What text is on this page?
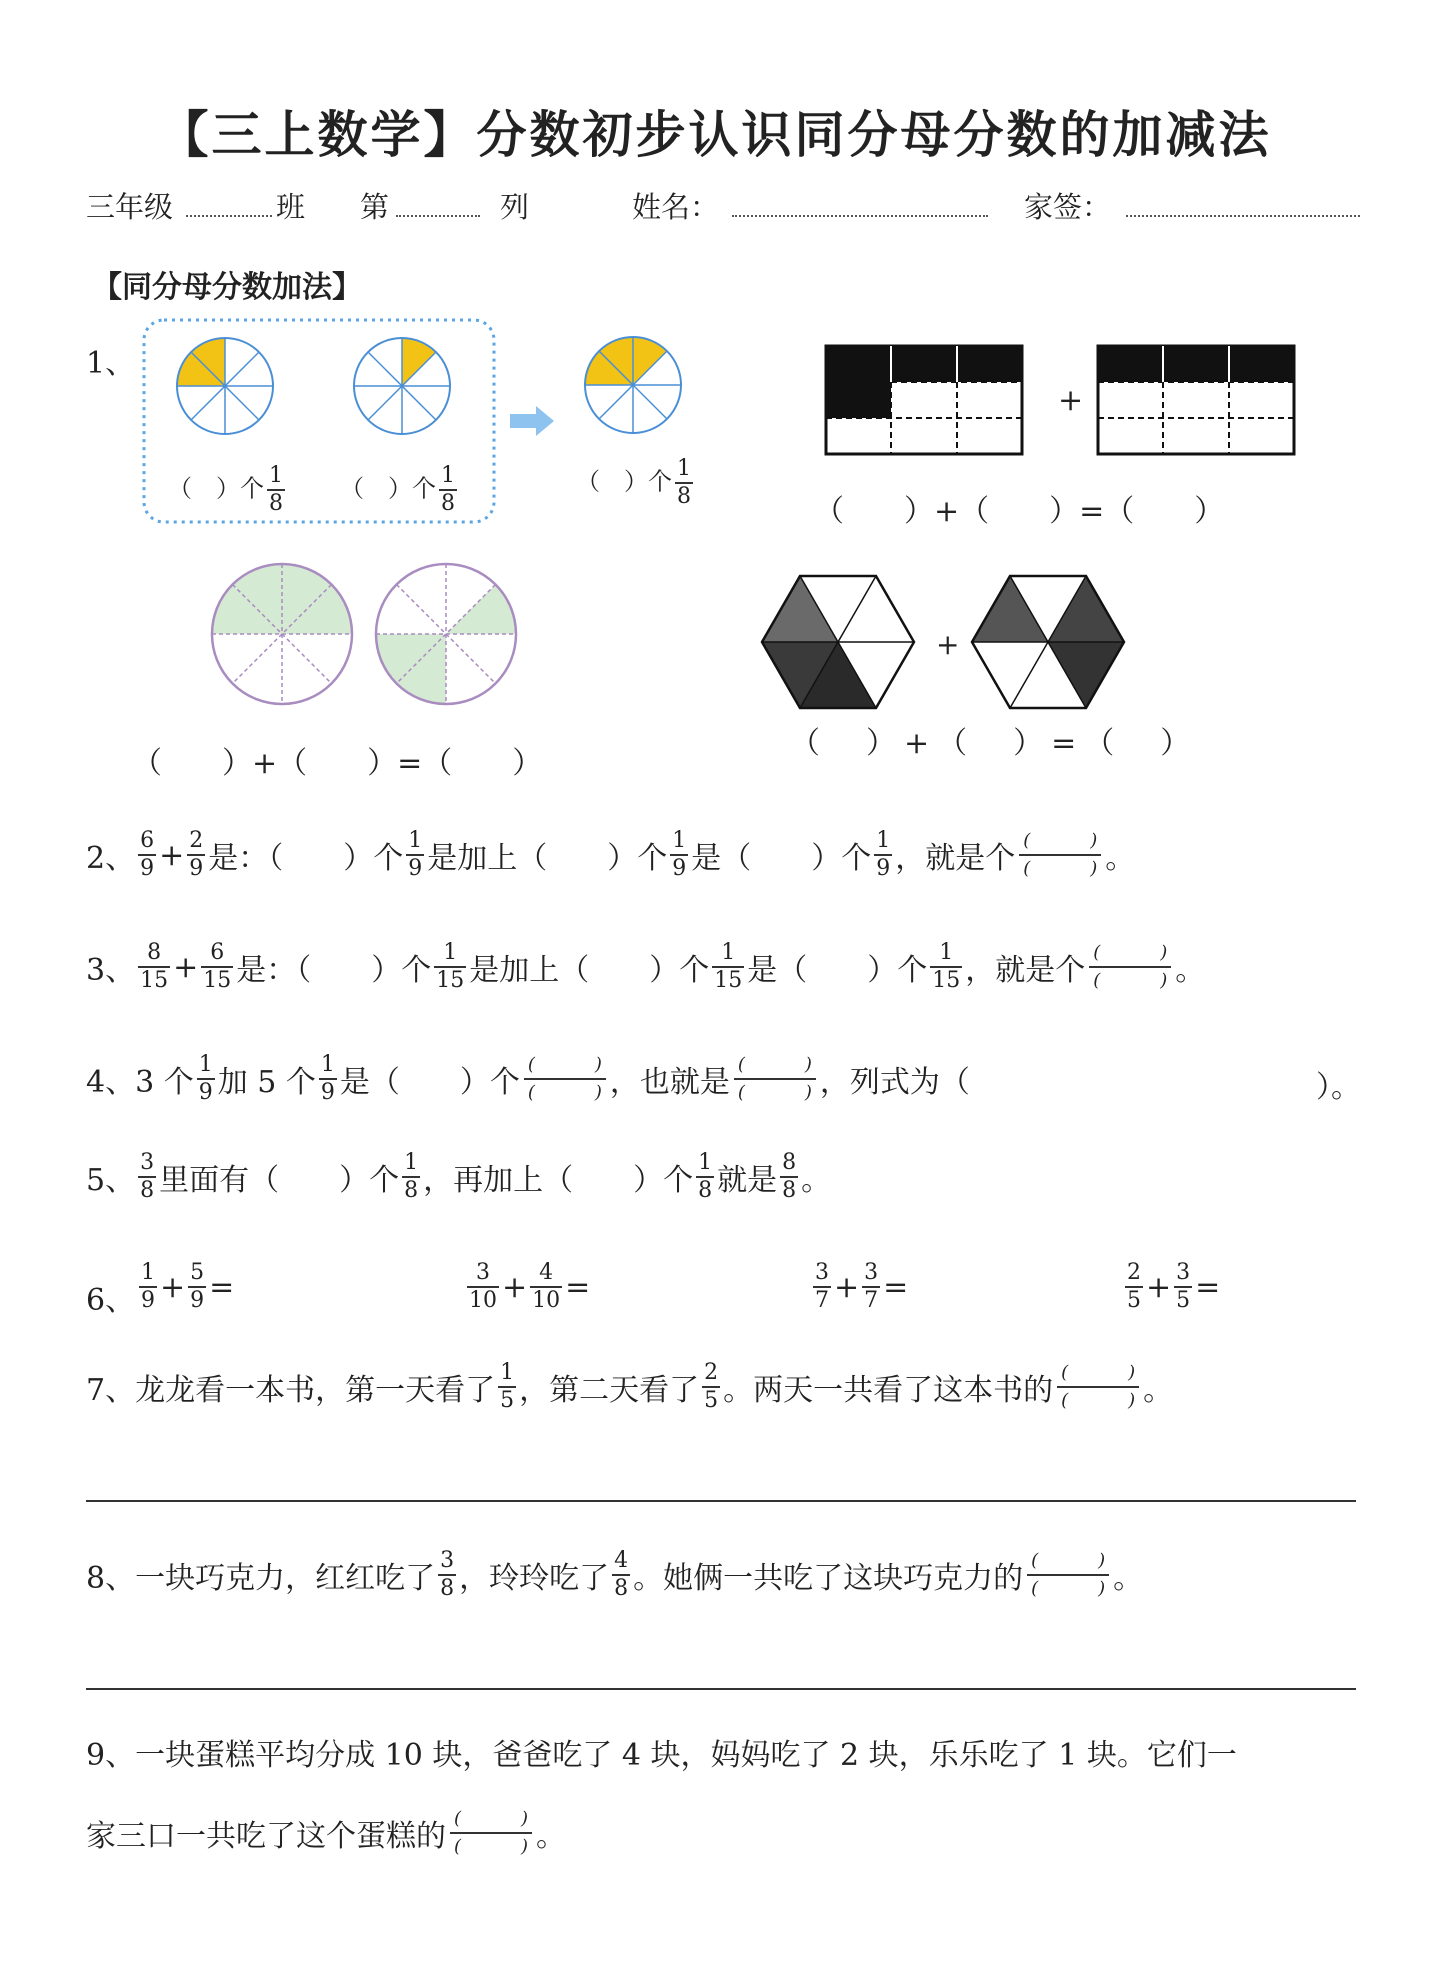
【三上数学】分数初步认识同分母分数的加减法
三年级	班 第	列	姓名：	家签：
【同分母分数加法】
1、
（　）个 $\frac{1}{8}$ （　）个 $\frac{1}{8}$	（　）个 $\frac{1}{8}$
+
（　　）+（　　）=（　　）
（　　）+（　　）=（　　）
+
（　）+（　）=（　）
2、 $\frac{6}{9} + \frac{2}{9}$ 是：（　　）个 $\frac{1}{9}$ 是加上（　　）个 $\frac{1}{9}$ 是（　　）个 $\frac{1}{9}$ ，就是个 (	)
(	) 。
3、 $\frac{8}{15} + \frac{6}{15}$ 是：（　　）个 $\frac{1}{15}$ 是加上（　　）个 $\frac{1}{15}$ 是（　　）个 $\frac{1}{15}$ ，就是个 (	)
(	) 。
4、 3 个 $\frac{1}{9}$ 加 5 个 $\frac{1}{9}$ 是（　　）个 (	)
(	) ，也就是 (	)
(	) ，列式为（	）。
5、 $\frac{3}{8}$ 里面有（　　）个 $\frac{1}{8}$ ，再加上（　　）个 $\frac{1}{8}$ 就是 $\frac{8}{8}$ 。
6、 $\frac{1}{9} + \frac{5}{9}$ =	$\frac{3}{10} + \frac{4}{10}$ =	$\frac{3}{7} + \frac{3}{7}$ =	$\frac{2}{5} + \frac{3}{5}$ =
7、 龙龙看一本书，第一天看了 $\frac{1}{5}$ ，第二天看了 $\frac{2}{5}$ 。两天一共看了这本书的 (	)
(	) 。
8、 一块巧克力，红红吃了 $\frac{3}{8}$ ，玲玲吃了 $\frac{4}{8}$ 。她俩一共吃了这块巧克力的 (	)
(	) 。
9、一块蛋糕平均分成 10 块，爸爸吃了 4 块，妈妈吃了 2 块，乐乐吃了 1 块。它们一
家三口一共吃了这个蛋糕的 (	)
(	) 。
